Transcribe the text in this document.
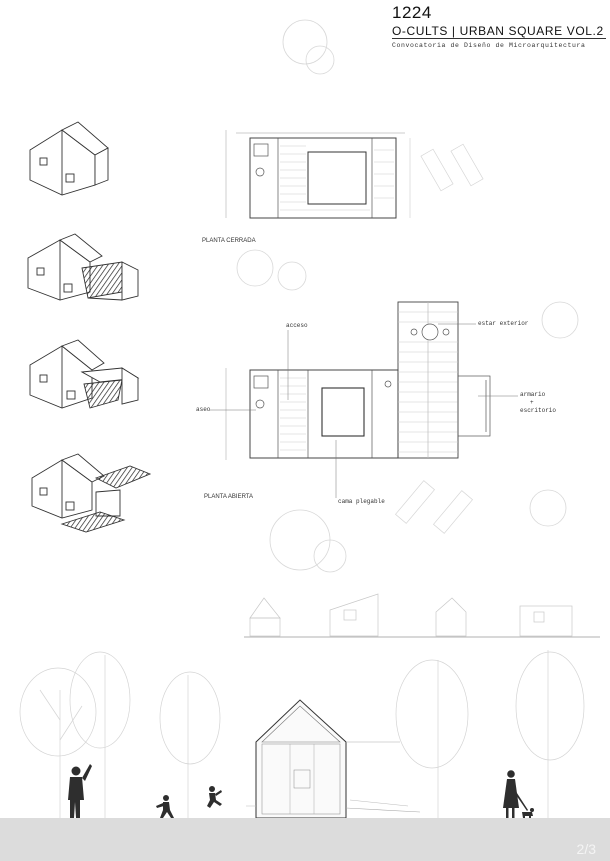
1224
O-CULTS | URBAN SQUARE VOL.2
Convocatoria de Diseño de Microarquitectura
PLANTA CERRADA
PLANTA ABIERTA
acceso	estar exterior
aseo
armario
+
escritorio
cama plegable
2/3
